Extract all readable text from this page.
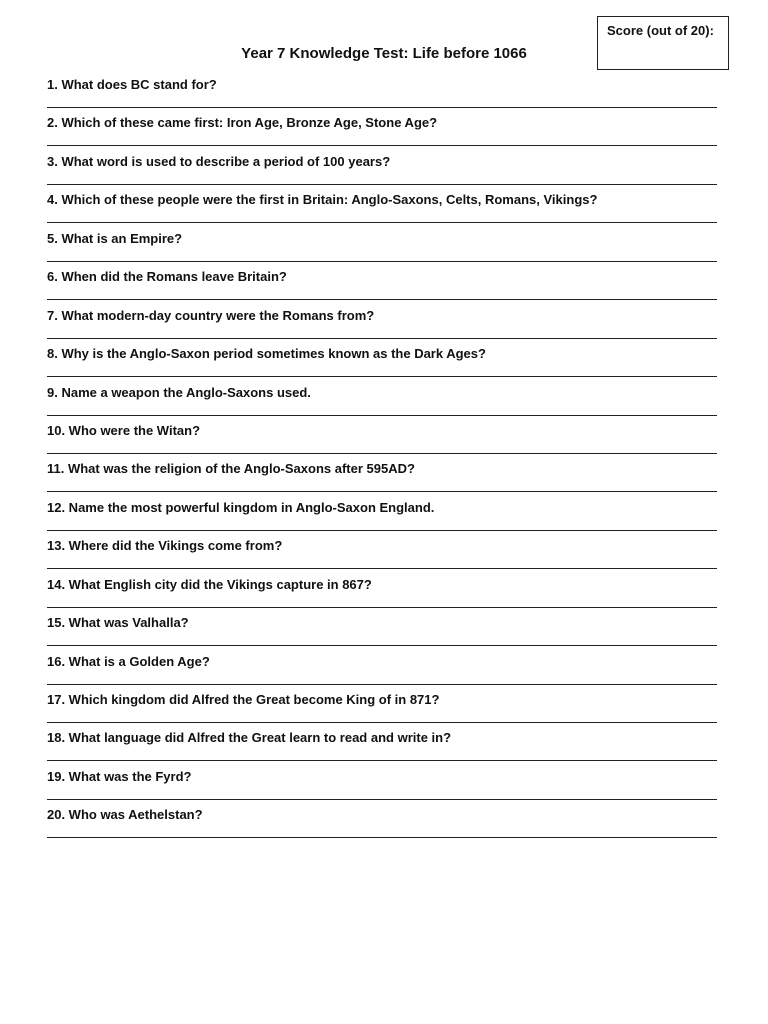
Score (out of 20):
Year 7 Knowledge Test: Life before 1066
1. What does BC stand for?
2. Which of these came first: Iron Age, Bronze Age, Stone Age?
3. What word is used to describe a period of 100 years?
4. Which of these people were the first in Britain: Anglo-Saxons, Celts, Romans, Vikings?
5. What is an Empire?
6. When did the Romans leave Britain?
7. What modern-day country were the Romans from?
8. Why is the Anglo-Saxon period sometimes known as the Dark Ages?
9. Name a weapon the Anglo-Saxons used.
10. Who were the Witan?
11. What was the religion of the Anglo-Saxons after 595AD?
12. Name the most powerful kingdom in Anglo-Saxon England.
13. Where did the Vikings come from?
14. What English city did the Vikings capture in 867?
15. What was Valhalla?
16. What is a Golden Age?
17. Which kingdom did Alfred the Great become King of in 871?
18. What language did Alfred the Great learn to read and write in?
19. What was the Fyrd?
20. Who was Aethelstan?
